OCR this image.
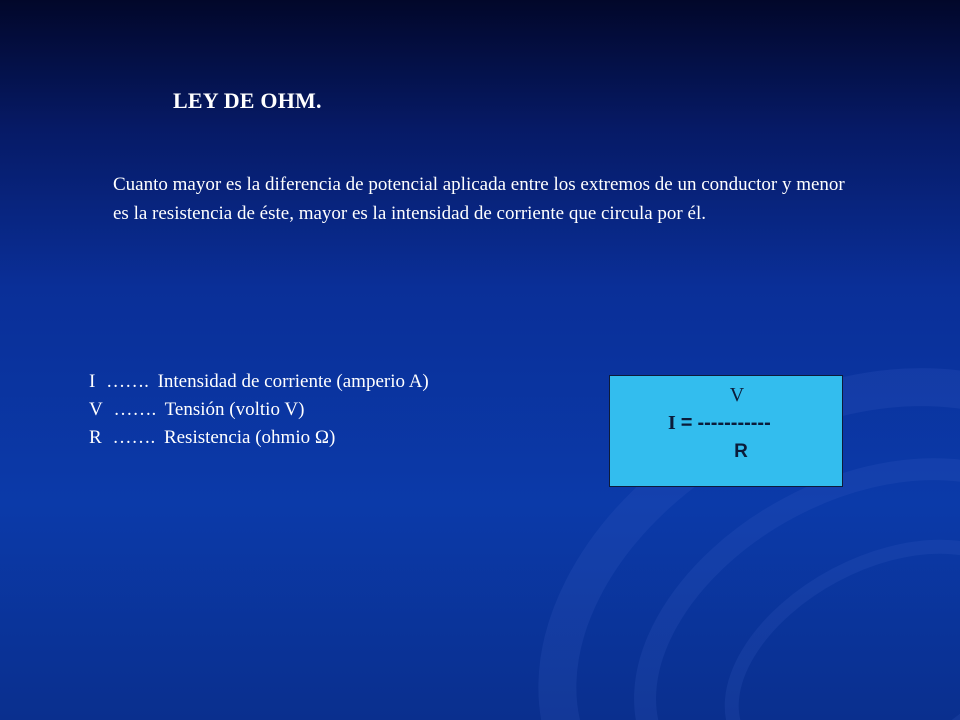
LEY DE OHM.
Cuanto mayor es la diferencia de potencial aplicada entre los extremos de un conductor y menor es la resistencia de éste, mayor es la intensidad de corriente que circula por él.
I ……. Intensidad de corriente (amperio A)
V ……. Tensión (voltio V)
R ……. Resistencia (ohmio Ω)
V
I = -----------
R
